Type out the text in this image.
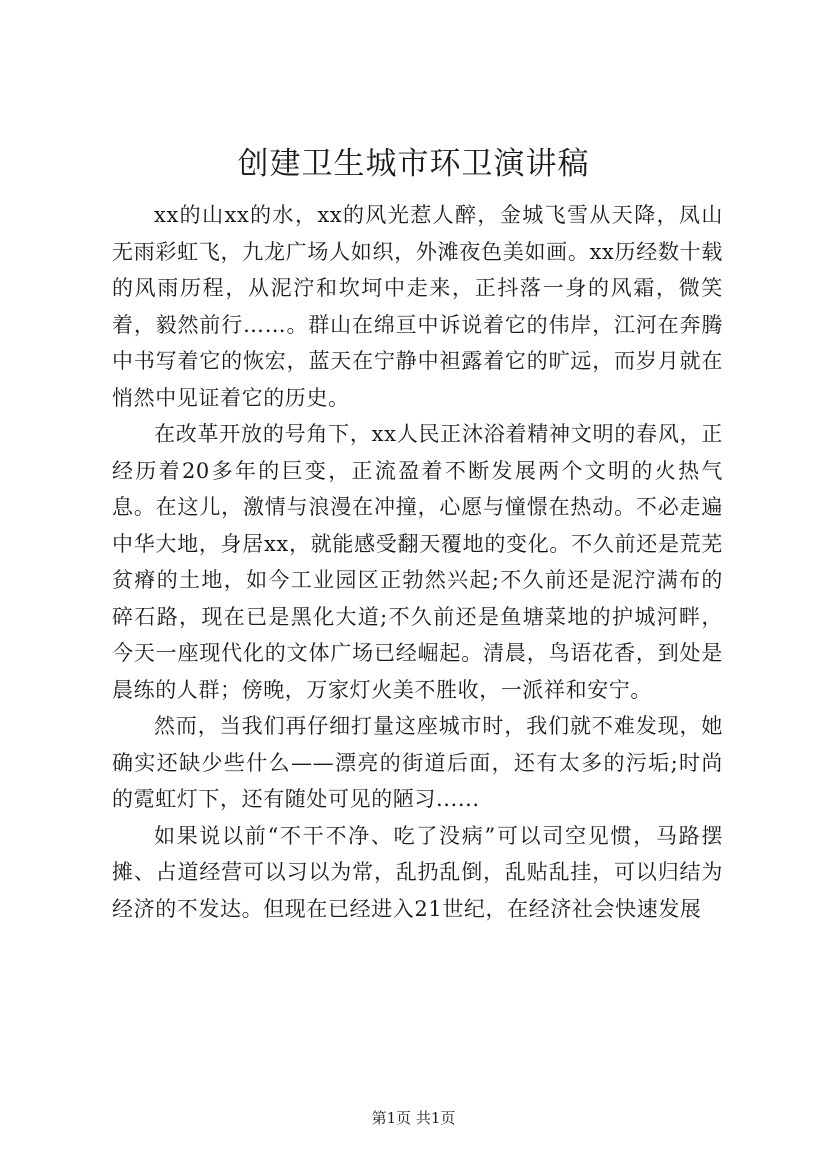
创建卫生城市环卫演讲稿

xx的山xx的水，xx的风光惹人醉，金城飞雪从天降，凤山无雨彩虹飞，九龙广场人如织，外滩夜色美如画。xx历经数十载的风雨历程，从泥泞和坎坷中走来，正抖落一身的风霜，微笑着，毅然前行……。群山在绵亘中诉说着它的伟岸，江河在奔腾中书写着它的恢宏，蓝天在宁静中袒露着它的旷远，而岁月就在悄然中见证着它的历史。

在改革开放的号角下，xx人民正沐浴着精神文明的春风，正经历着20多年的巨变，正流盈着不断发展两个文明的火热气息。在这儿，激情与浪漫在冲撞，心愿与憧憬在热动。不必走遍中华大地，身居xx，就能感受翻天覆地的变化。不久前还是荒芜贫瘠的土地，如今工业园区正勃然兴起;不久前还是泥泞满布的碎石路，现在已是黑化大道;不久前还是鱼塘菜地的护城河畔，今天一座现代化的文体广场已经崛起。清晨，鸟语花香，到处是晨练的人群；傍晚，万家灯火美不胜收，一派祥和安宁。

然而，当我们再仔细打量这座城市时，我们就不难发现，她确实还缺少些什么——漂亮的街道后面，还有太多的污垢;时尚的霓虹灯下，还有随处可见的陋习......

如果说以前“不干不净、吃了没病”可以司空见惯，马路摆摊、占道经营可以习以为常，乱扔乱倒，乱贴乱挂，可以归结为经济的不发达。但现在已经进入21世纪，在经济社会快速发展

第1页 共1页
